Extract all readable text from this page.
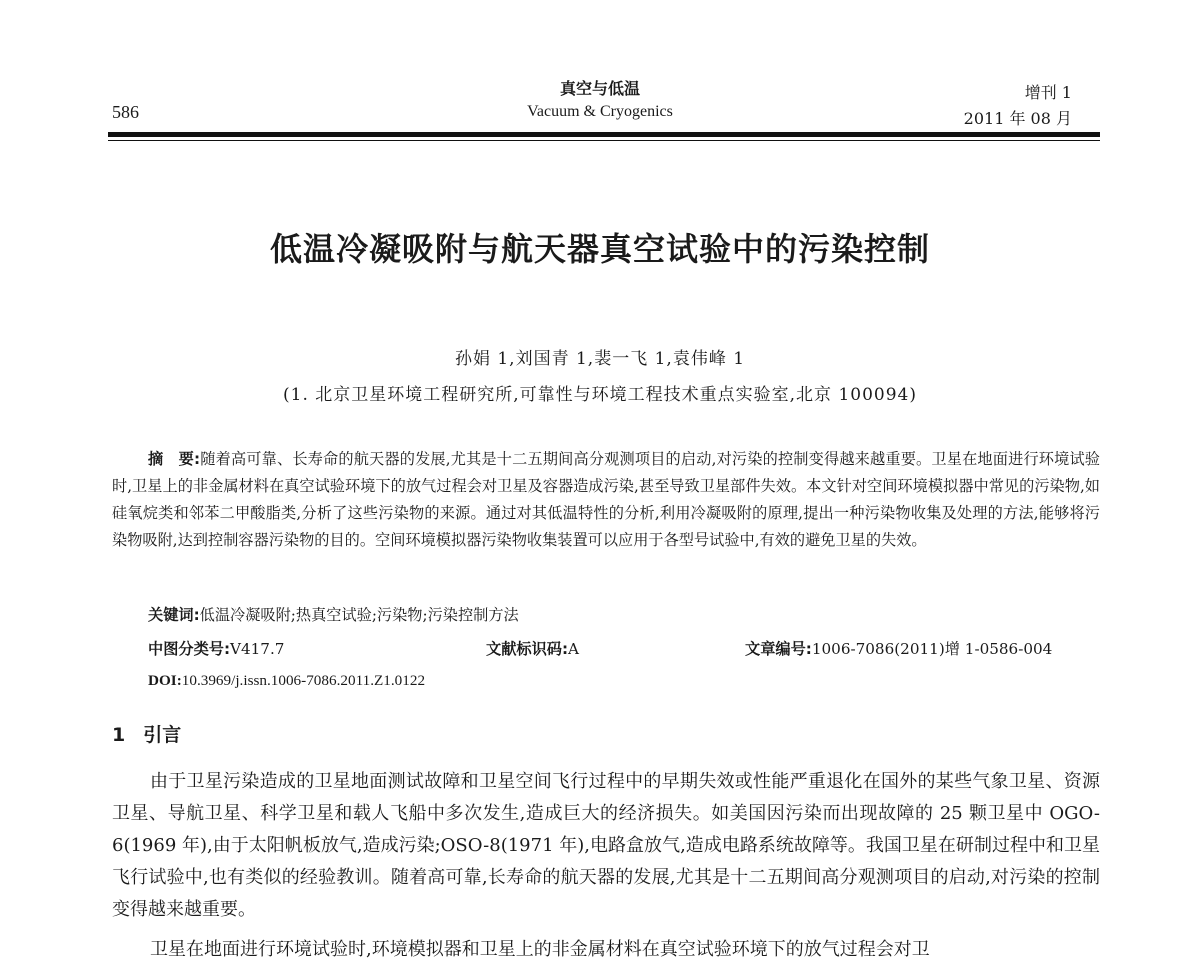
586
真空与低温
Vacuum & Cryogenics
增刊 1
2011 年 08 月
低温冷凝吸附与航天器真空试验中的污染控制
孙娟 1,刘国青 1,裴一飞 1,袁伟峰 1
(1. 北京卫星环境工程研究所,可靠性与环境工程技术重点实验室,北京 100094)
摘　要:随着高可靠、长寿命的航天器的发展,尤其是十二五期间高分观测项目的启动,对污染的控制变得越来越重要。卫星在地面进行环境试验时,卫星上的非金属材料在真空试验环境下的放气过程会对卫星及容器造成污染,甚至导致卫星部件失效。本文针对空间环境模拟器中常见的污染物,如硅氧烷类和邻苯二甲酸脂类,分析了这些污染物的来源。通过对其低温特性的分析,利用冷凝吸附的原理,提出一种污染物收集及处理的方法,能够将污染物吸附,达到控制容器污染物的目的。空间环境模拟器污染物收集装置可以应用于各型号试验中,有效的避免卫星的失效。
关键词:低温冷凝吸附;热真空试验;污染物;污染控制方法
中图分类号:V417.7	文献标识码:A	文章编号:1006-7086(2011)增 1-0586-004
DOI:10.3969/j.issn.1006-7086.2011.Z1.0122
1 引言
由于卫星污染造成的卫星地面测试故障和卫星空间飞行过程中的早期失效或性能严重退化在国外的某些气象卫星、资源卫星、导航卫星、科学卫星和载人飞船中多次发生,造成巨大的经济损失。如美国因污染而出现故障的 25 颗卫星中 OGO-6(1969 年),由于太阳帆板放气,造成污染;OSO-8(1971 年),电路盒放气,造成电路系统故障等。我国卫星在研制过程中和卫星飞行试验中,也有类似的经验教训。随着高可靠,长寿命的航天器的发展,尤其是十二五期间高分观测项目的启动,对污染的控制变得越来越重要。
卫星在地面进行环境试验时,环境模拟器和卫星上的非金属材料在真空试验环境下的放气过程会对卫
